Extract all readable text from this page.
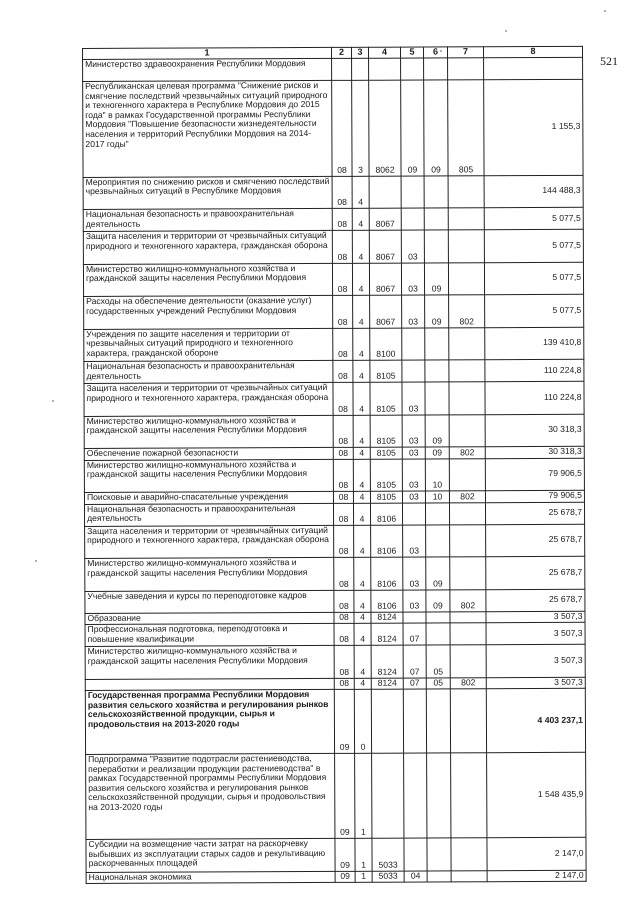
521
1	2	3	4	5	6	7	8
Министерство здравоохранения Республики Мордовия							
Республиканская целевая программа "Снижение рисков и смягчение последствий чрезвычайных ситуаций природного и техногенного характера в Республике Мордовия до 2015 года" в рамках Государственной программы Республики Мордовия "Повышение безопасности жизнедеятельности населения и территорий Республики Мордовия на 2014-2017 годы"	08	3	8062	09	09	805	1 155,3
Мероприятия по снижению рисков и смягчению последствий чрезвычайных ситуаций в Республике Мордовия	08	4					144 488,3
Национальная безопасность и правоохранительная деятельность	08	4	8067				5 077,5
Защита населения и территории от чрезвычайных ситуаций природного и техногенного характера, гражданская оборона	08	4	8067	03			5 077,5
Министерство жилищно-коммунального хозяйства и гражданской защиты населения Республики Мордовия	08	4	8067	03	09		5 077,5
Расходы на обеспечение деятельности (оказание услуг) государственных учреждений Республики Мордовия	08	4	8067	03	09	802	5 077,5
Учреждения по защите населения и территории от чрезвычайных ситуаций природного и техногенного характера, гражданской обороне	08	4	8100				139 410,8
Национальная безопасность и правоохранительная деятельность	08	4	8105				110 224,8
Защита населения и территории от чрезвычайных ситуаций природного и техногенного характера, гражданская оборона	08	4	8105	03			110 224,8
Министерство жилищно-коммунального хозяйства и гражданской защиты населения Республики Мордовия	08	4	8105	03	09		30 318,3
Обеспечение пожарной безопасности	08	4	8105	03	09	802	30 318,3
Министерство жилищно-коммунального хозяйства и гражданской защиты населения Республики Мордовия	08	4	8105	03	10		79 906,5
Поисковые и аварийно-спасательные учреждения	08	4	8105	03	10	802	79 906,5
Национальная безопасность и правоохранительная деятельность	08	4	8106				25 678,7
Защита населения и территории от чрезвычайных ситуаций природного и техногенного характера, гражданская оборона	08	4	8106	03			25 678,7
Министерство жилищно-коммунального хозяйства и гражданской защиты населения Республики Мордовия	08	4	8106	03	09		25 678,7
Учебные заведения и курсы по переподготовке кадров	08	4	8106	03	09	802	25 678,7
Образование	08	4	8124				3 507,3
Профессиональная подготовка, переподготовка и повышение квалификации	08	4	8124	07			3 507,3
Министерство жилищно-коммунального хозяйства и гражданской защиты населения Республики Мордовия	08	4	8124	07	05		3 507,3
	08	4	8124	07	05	802	3 507,3
Государственная программа Республики Мордовия развития сельского хозяйства и регулирования рынков сельскохозяйственной продукции, сырья и продовольствия на 2013-2020 годы	09	0					4 403 237,1
Подпрограмма "Развитие подотрасли растениеводства, переработки и реализации продукции растениеводства" в рамках Государственной программы Республики Мордовия развития сельского хозяйства и регулирования рынков сельскохозяйственной продукции, сырья и продовольствия на 2013-2020 годы	09	1					1 548 435,9
Субсидии на возмещение части затрат на раскорчевку выбывших из эксплуатации старых садов и рекультивацию раскорчеванных площадей	09	1	5033				2 147,0
Национальная экономика	09	1	5033	04			2 147,0
